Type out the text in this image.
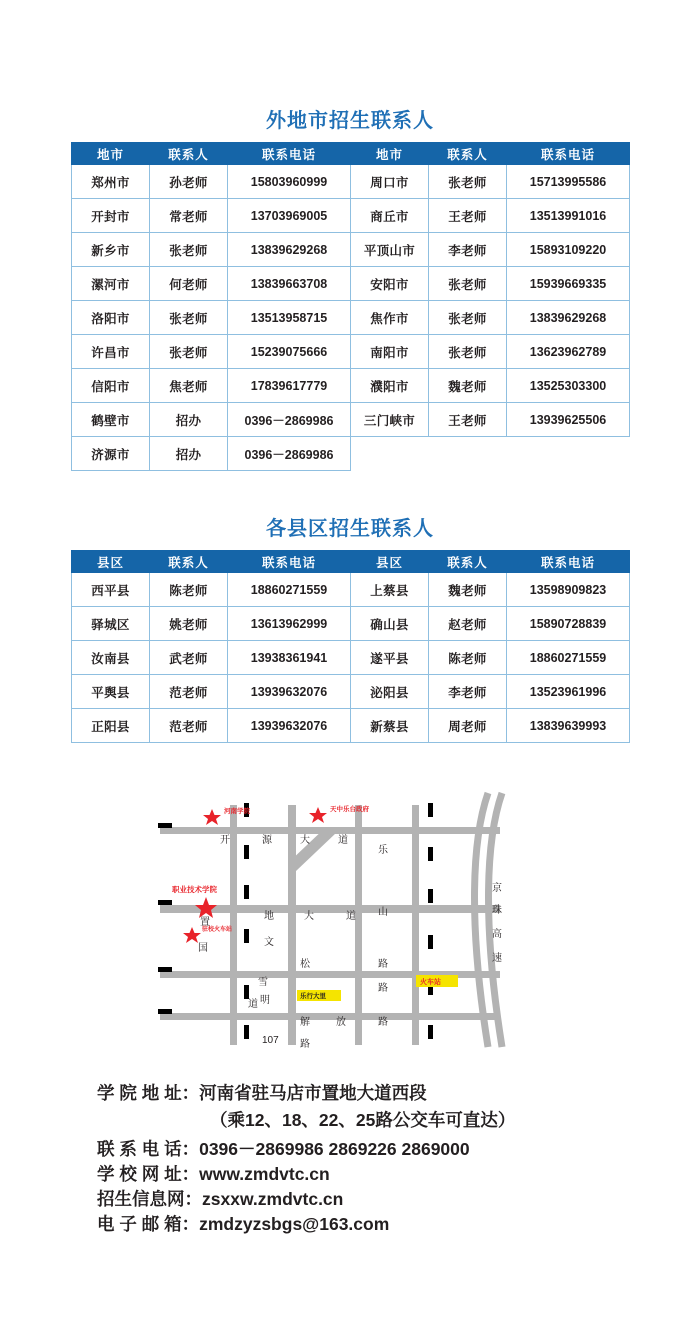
外地市招生联系人
地市	联系人	联系电话	地市	联系人	联系电话
郑州市	孙老师	15803960999	周口市	张老师	15713995586
开封市	常老师	13703969005	商丘市	王老师	13513991016
新乡市	张老师	13839629268	平顶山市	李老师	15893109220
漯河市	何老师	13839663708	安阳市	张老师	15939669335
洛阳市	张老师	13513958715	焦作市	张老师	13839629268
许昌市	张老师	15239075666	南阳市	张老师	13623962789
信阳市	焦老师	17839617779	濮阳市	魏老师	13525303300
鹤壁市	招办	0396－2869986	三门峡市	王老师	13939625506
济源市	招办	0396－2869986			
各县区招生联系人
县区	联系人	联系电话	县区	联系人	联系电话
西平县	陈老师	18860271559	上蔡县	魏老师	13598909823
驿城区	姚老师	13613962999	确山县	赵老师	15890728839
汝南县	武老师	13938361941	遂平县	陈老师	18860271559
平舆县	范老师	13939632076	泌阳县	李老师	13523961996
正阳县	范老师	13939632076	新蔡县	周老师	13839639993
河南学院	天中乐台政府
职业技术学院
驻校火车站
火车站
乐行大里
开	源	大	道
乐
置
地	大	道
文
山
国
雪
松	路
道 明
路
解	放	路
107 路
京
珠
高
速
学 院 地 址： 河南省驻马店市置地大道西段
（乘12、18、22、25路公交车可直达）
联 系 电 话： 0396－2869986 2869226 2869000
学 校 网 址： www.zmdvtc.cn
招生信息网： zsxxw.zmdvtc.cn
电 子 邮 箱： zmdzyzsbgs@163.com
